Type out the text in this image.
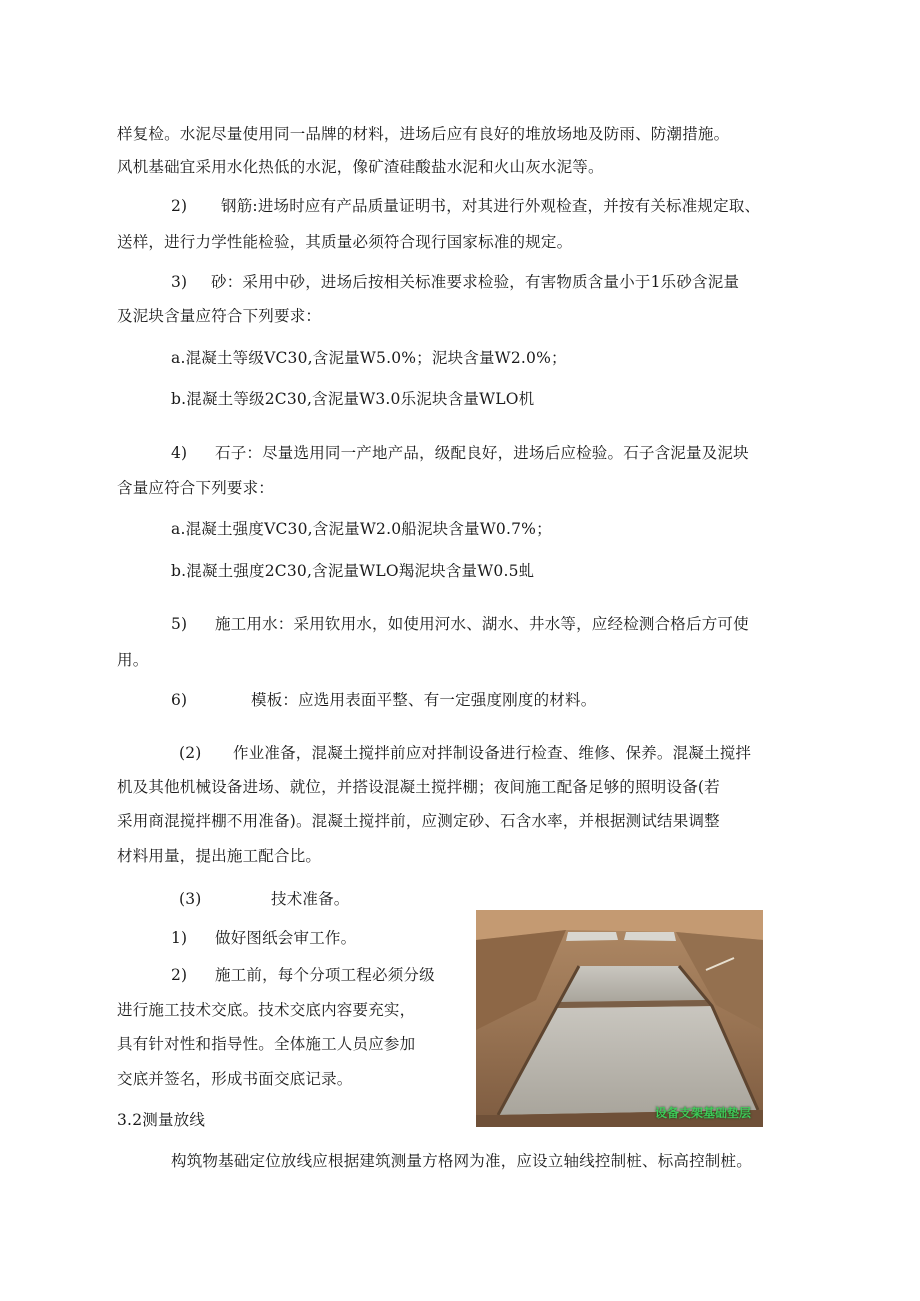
样复检。水泥尽量使用同一品牌的材料，进场后应有良好的堆放场地及防雨、防潮措施。
风机基础宜采用水化热低的水泥，像矿渣硅酸盐水泥和火山灰水泥等。
2) 钢筋:进场时应有产品质量证明书，对其进行外观检查，并按有关标准规定取、
送样，进行力学性能检验，其质量必须符合现行国家标准的规定。
3) 砂：采用中砂，进场后按相关标准要求检验，有害物质含量小于1乐砂含泥量
及泥块含量应符合下列要求：
a.混凝土等级VC30,含泥量W5.0%；泥块含量W2.0%；
b.混凝土等级2C30,含泥量W3.0乐泥块含量WLO机
4) 石子：尽量选用同一产地产品，级配良好，进场后应检验。石子含泥量及泥块
含量应符合下列要求：
a.混凝土强度VC30,含泥量W2.0船泥块含量W0.7%；
b.混凝土强度2C30,含泥量WLO羯泥块含量W0.5虬
5) 施工用水：采用钦用水，如使用河水、湖水、井水等，应经检测合格后方可使
用。
6)	模板：应选用表面平整、有一定强度刚度的材料。
(2) 作业准备，混凝土搅拌前应对拌制设备进行检查、维修、保养。混凝土搅拌
机及其他机械设备进场、就位，并搭设混凝土搅拌棚；夜间施工配备足够的照明设备(若
采用商混搅拌棚不用准备)。混凝土搅拌前，应测定砂、石含水率，并根据测试结果调整
材料用量，提出施工配合比。
(3)	技术准备。
1) 做好图纸会审工作。
2) 施工前，每个分项工程必须分级
进行施工技术交底。技术交底内容要充实，
具有针对性和指导性。全体施工人员应参加
交底并签名，形成书面交底记录。
3.2测量放线
构筑物基础定位放线应根据建筑测量方格网为准，应设立轴线控制桩、标高控制桩。
设备支架基础垫层
